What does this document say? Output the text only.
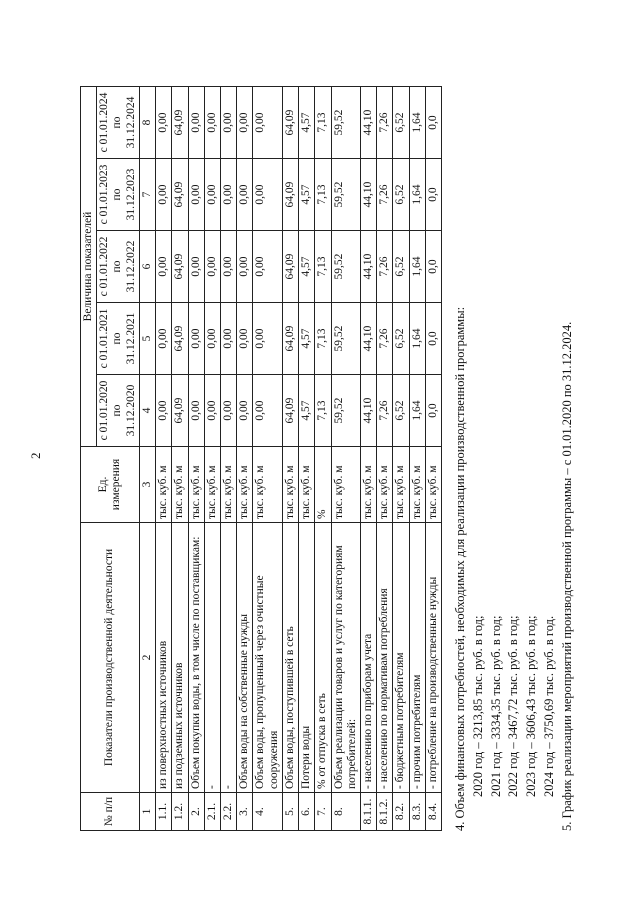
2
№ п/п	Показатели производственной деятельности	Ед. измерения	Величина показателей				
			с 01.01.2020 по 31.12.2020	с 01.01.2021 по 31.12.2021	с 01.01.2022 по 31.12.2022	с 01.01.2023 по 31.12.2023	с 01.01.2024 по 31.12.2024
1	2	3	4	5	6	7	8
1.1.	из поверхностных источников	тыс. куб. м	0,00	0,00	0,00	0,00	0,00
1.2.	из подземных источников	тыс. куб. м	64,09	64,09	64,09	64,09	64,09
2.	Объем покупки воды, в том числе по поставщикам:	тыс. куб. м	0,00	0,00	0,00	0,00	0,00
2.1.	-	тыс. куб. м	0,00	0,00	0,00	0,00	0,00
2.2.	-	тыс. куб. м	0,00	0,00	0,00	0,00	0,00
3.	Объем воды на собственные нужды	тыс. куб. м	0,00	0,00	0,00	0,00	0,00
4.	Объем воды, пропущенный через очистные сооружения	тыс. куб. м	0,00	0,00	0,00	0,00	0,00
5.	Объем воды, поступившей в сеть	тыс. куб. м	64,09	64,09	64,09	64,09	64,09
6.	Потери воды	тыс. куб. м	4,57	4,57	4,57	4,57	4,57
7.	% от отпуска в сеть	%	7,13	7,13	7,13	7,13	7,13
8.	Объем реализации товаров и услуг по категориям потребителей:	тыс. куб. м	59,52	59,52	59,52	59,52	59,52
8.1.1.	- населению по приборам учета	тыс. куб. м	44,10	44,10	44,10	44,10	44,10
8.1.2.	- населению по нормативам потребления	тыс. куб. м	7,26	7,26	7,26	7,26	7,26
8.2.	- бюджетным потребителям	тыс. куб. м	6,52	6,52	6,52	6,52	6,52
8.3.	- прочим потребителям	тыс. куб. м	1,64	1,64	1,64	1,64	1,64
8.4.	- потребление на производственные нужды	тыс. куб. м	0,0	0,0	0,0	0,0	0,0

4. Объем финансовых потребностей, необходимых для реализации производственной программы: 2020 год – 3213,85 тыс. руб. в год; 2021 год – 3334,35 тыс. руб. в год; 2022 год – 3467,72 тыс. руб. в год; 2023 год – 3606,43 тыс. руб. в год; 2024 год – 3750,69 тыс. руб. в год. 5. График реализации мероприятий производственной программы – с 01.01.2020 по 31.12.2024.
